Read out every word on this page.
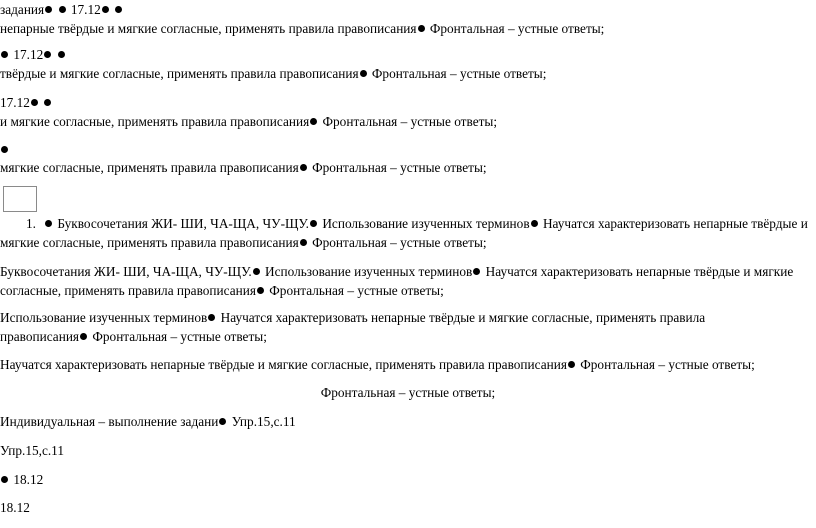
задания 17.12
непарные твёрдые и мягкие согласные, применять правила правописания Фронтальная – устные ответы;
17.12
твёрдые и мягкие согласные, применять правила правописания Фронтальная – устные ответы;
17.12
и мягкие согласные, применять правила правописания Фронтальная – устные ответы;
мягкие согласные, применять правила правописания Фронтальная – устные ответы;
1. Буквосочетания ЖИ- ШИ, ЧА-ЩА, ЧУ-ЩУ. Использование изученных терминов Научатся характеризовать непарные твёрдые и
мягкие согласные, применять правила правописания Фронтальная – устные ответы;
Буквосочетания ЖИ- ШИ, ЧА-ЩА, ЧУ-ЩУ. Использование изученных терминов Научатся характеризовать непарные твёрдые и мягкие
согласные, применять правила правописания Фронтальная – устные ответы;
Использование изученных терминов Научатся характеризовать непарные твёрдые и мягкие согласные, применять правила
правописания Фронтальная – устные ответы;
Научатся характеризовать непарные твёрдые и мягкие согласные, применять правила правописания Фронтальная – устные ответы;
Фронтальная – устные ответы;
Индивидуальная – выполнение задани Упр.15,с.11
Упр.15,с.11
18.12
18.12
